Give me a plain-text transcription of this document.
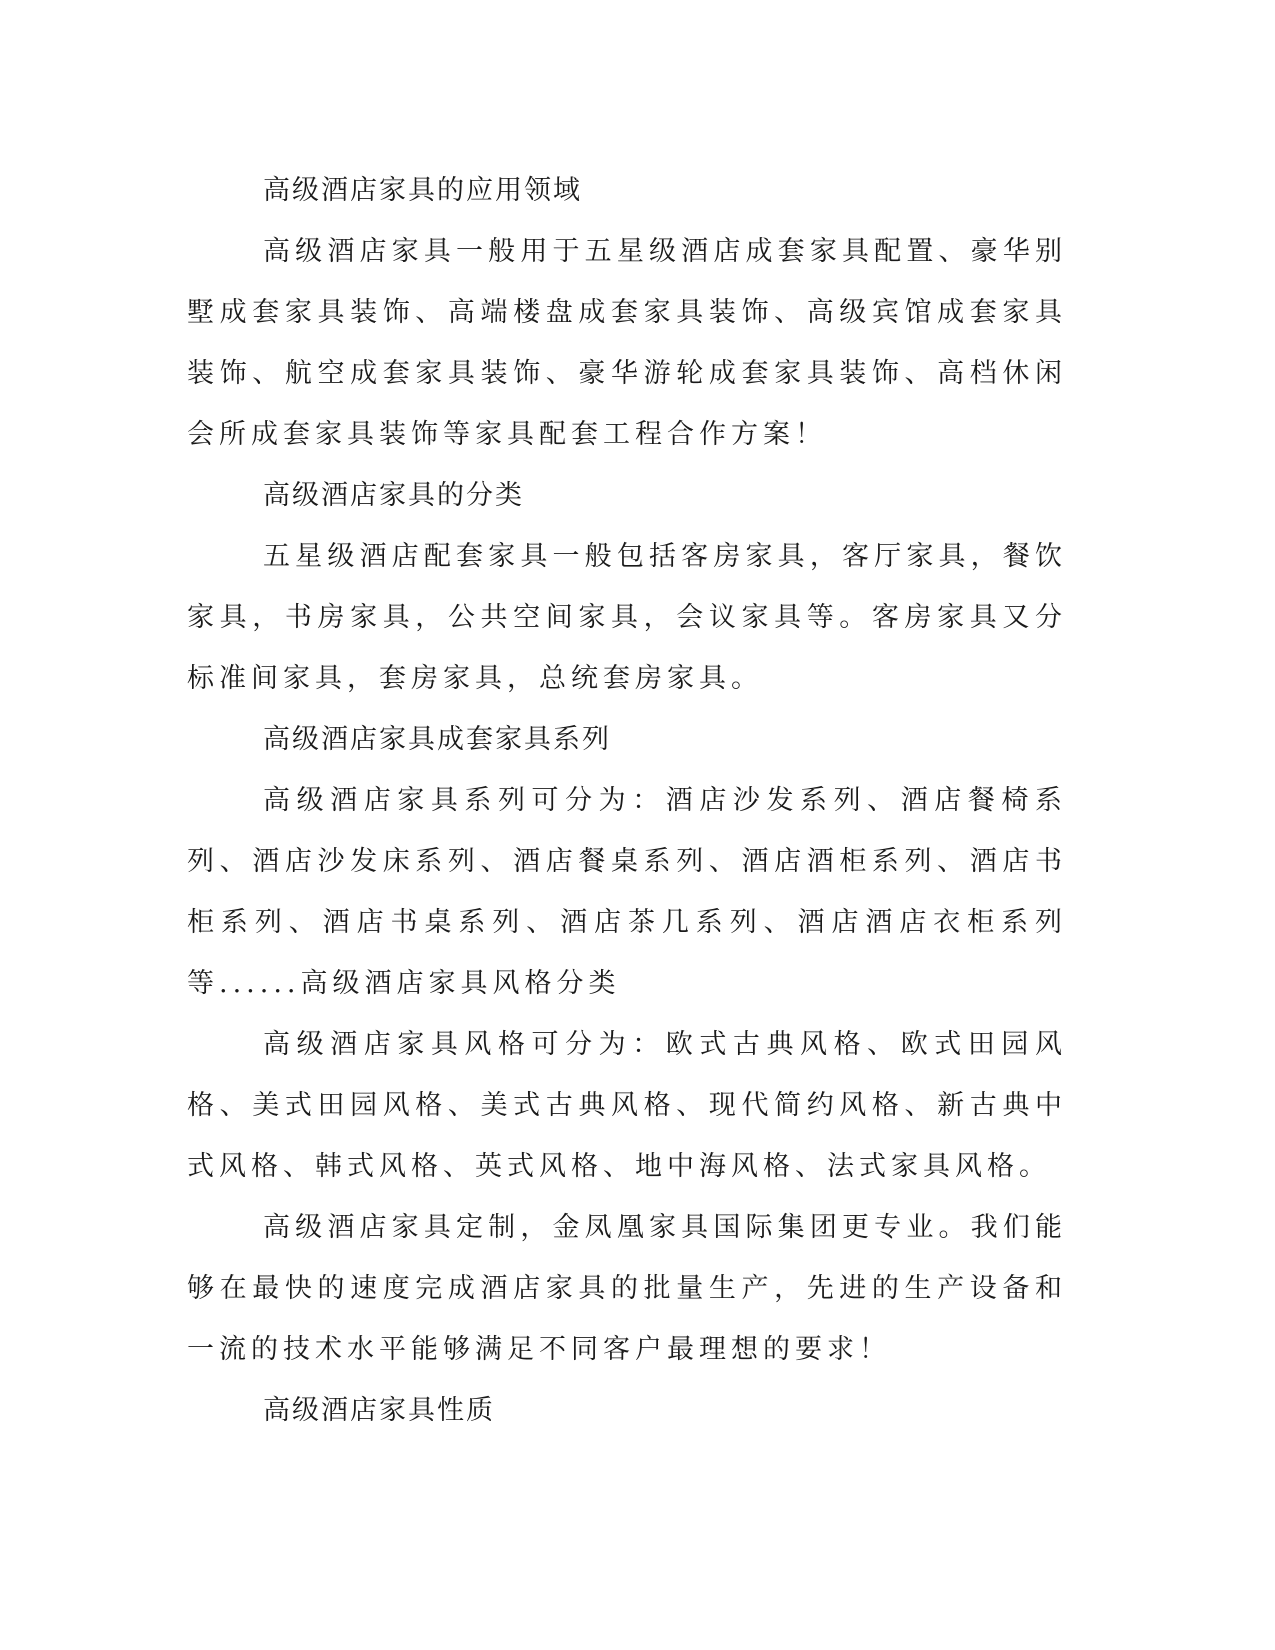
高级酒店家具的应用领域

高级酒店家具一般用于五星级酒店成套家具配置、豪华别墅成套家具装饰、高端楼盘成套家具装饰、高级宾馆成套家具装饰、航空成套家具装饰、豪华游轮成套家具装饰、高档休闲会所成套家具装饰等家具配套工程合作方案！

高级酒店家具的分类

五星级酒店配套家具一般包括客房家具，客厅家具，餐饮家具，书房家具，公共空间家具，会议家具等。客房家具又分标准间家具，套房家具，总统套房家具。

高级酒店家具成套家具系列

高级酒店家具系列可分为：酒店沙发系列、酒店餐椅系列、酒店沙发床系列、酒店餐桌系列、酒店酒柜系列、酒店书柜系列、酒店书桌系列、酒店茶几系列、酒店酒店衣柜系列等......高级酒店家具风格分类

高级酒店家具风格可分为：欧式古典风格、欧式田园风格、美式田园风格、美式古典风格、现代简约风格、新古典中式风格、韩式风格、英式风格、地中海风格、法式家具风格。

高级酒店家具定制，金凤凰家具国际集团更专业。我们能够在最快的速度完成酒店家具的批量生产，先进的生产设备和一流的技术水平能够满足不同客户最理想的要求！

高级酒店家具性质
